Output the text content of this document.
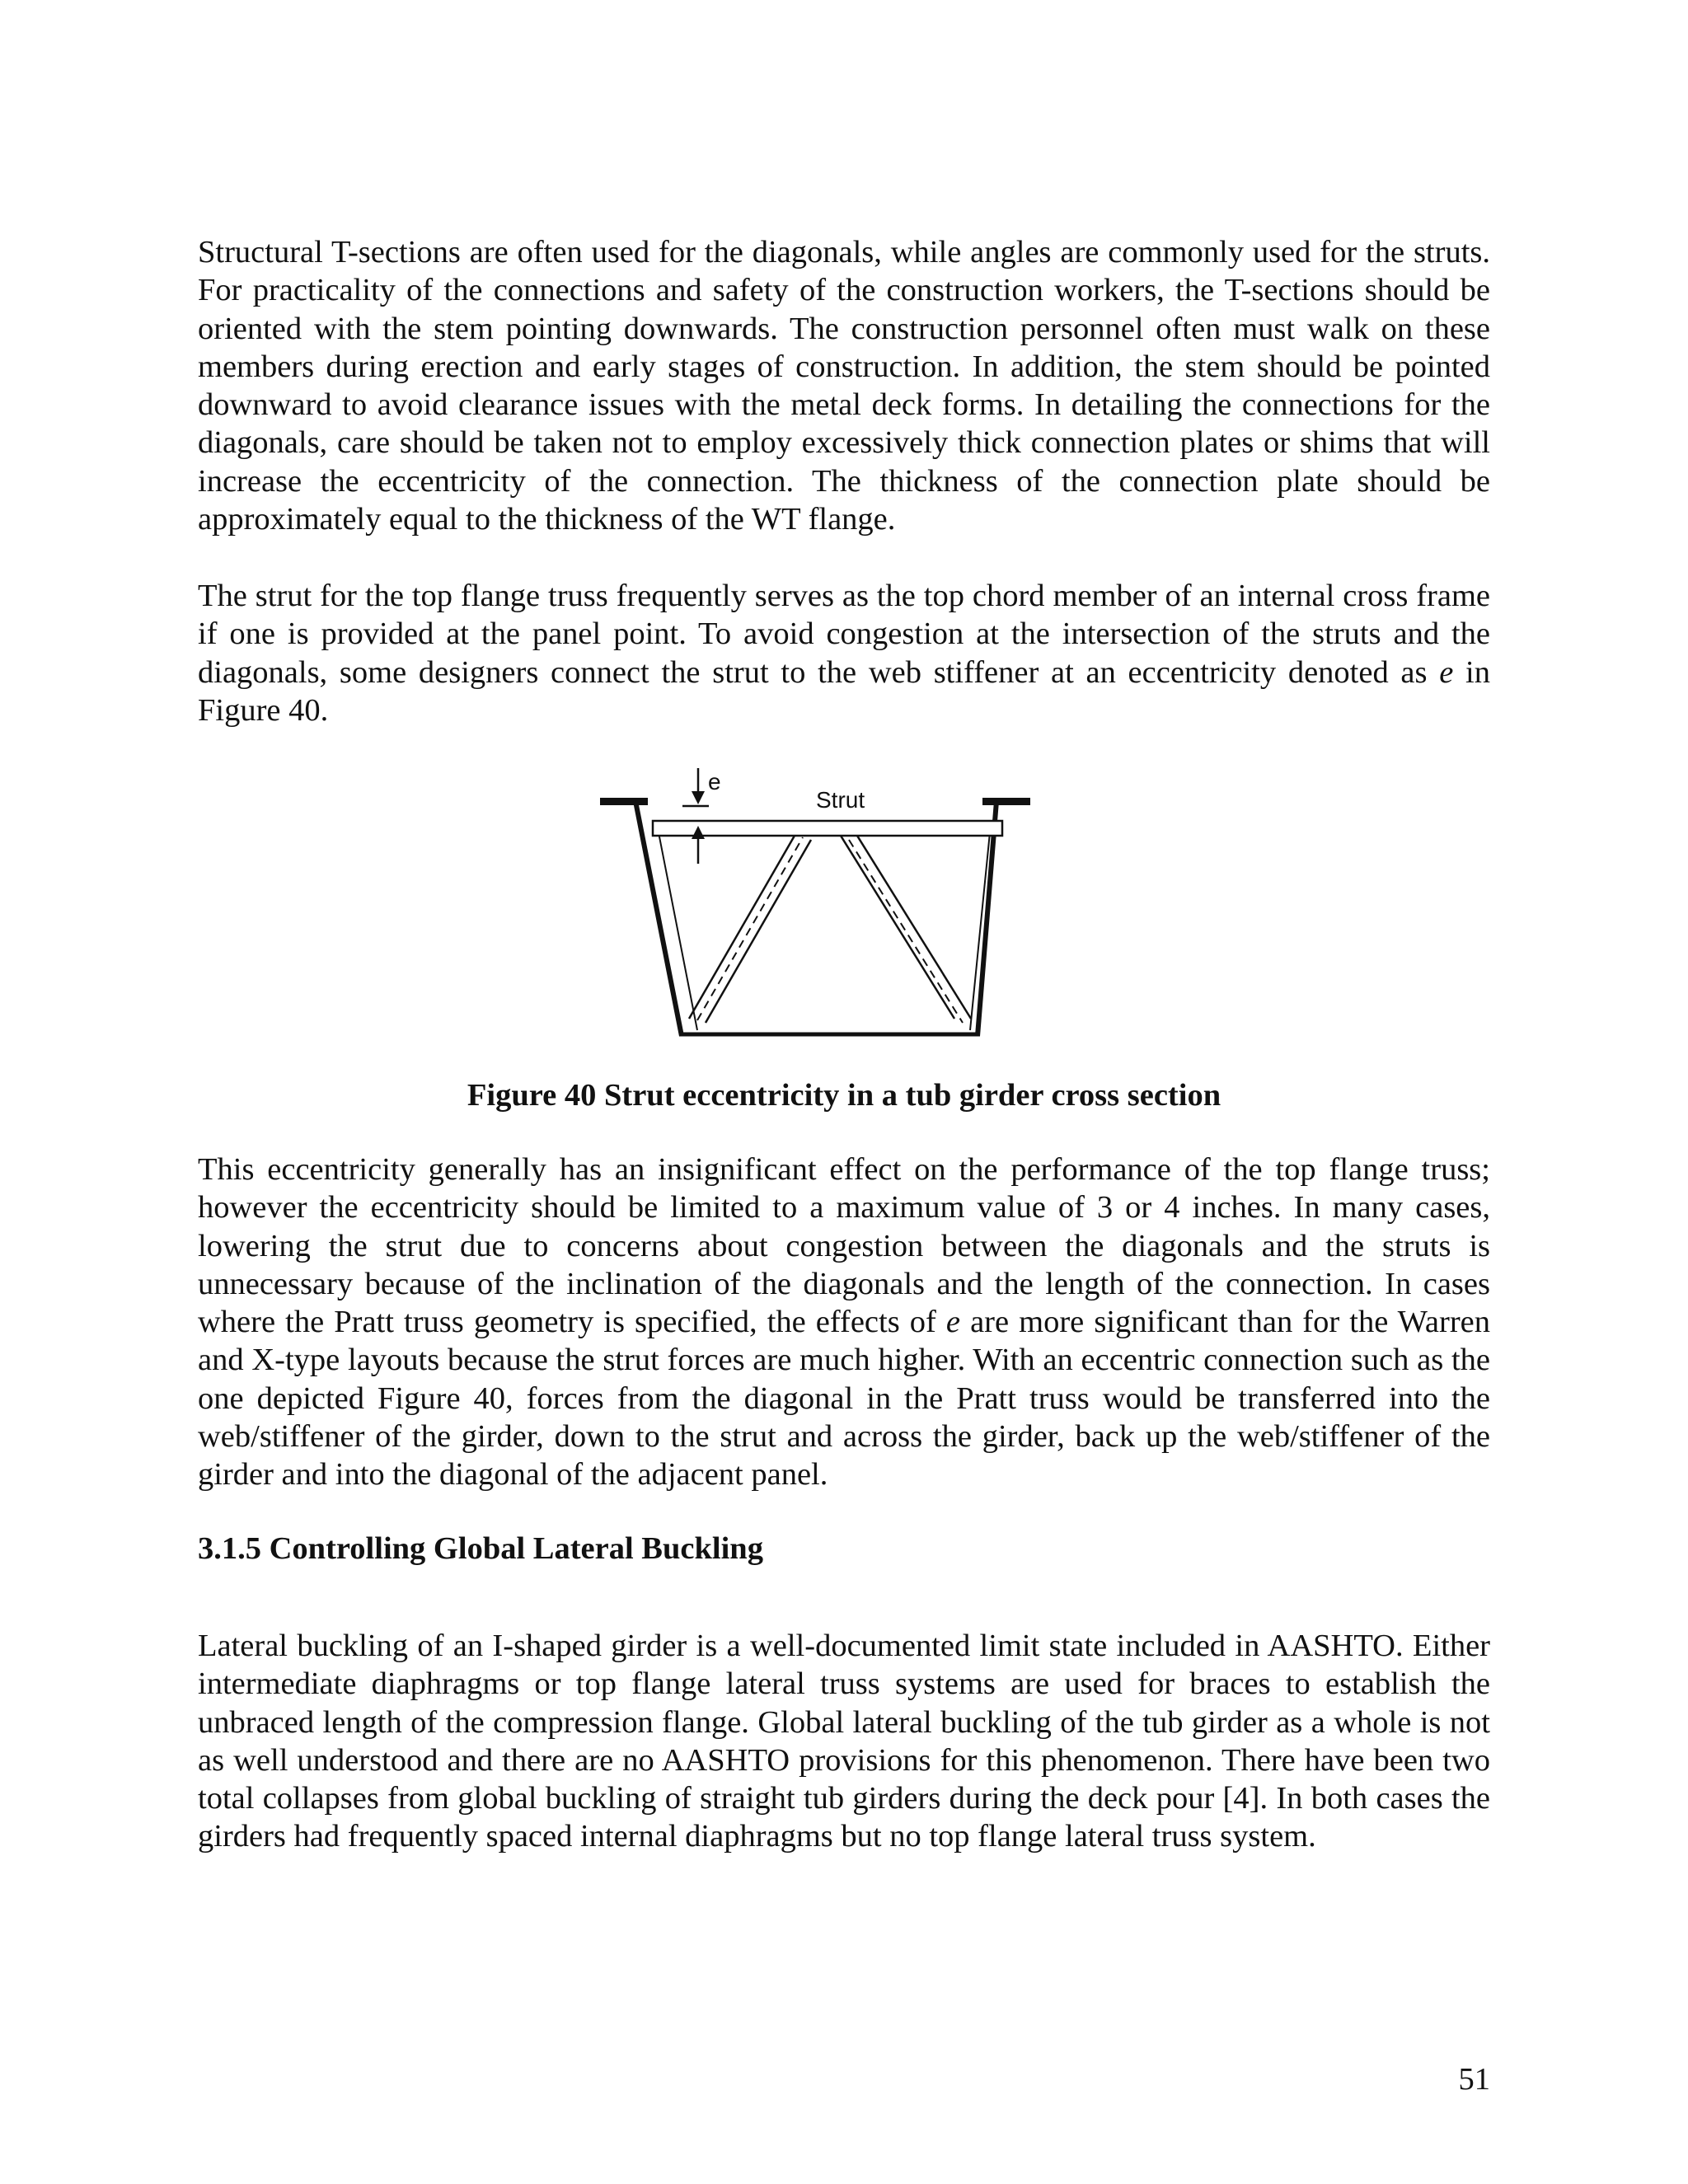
Structural T-sections are often used for the diagonals, while angles are commonly used for the struts. For practicality of the connections and safety of the construction workers, the T-sections should be oriented with the stem pointing downwards. The construction personnel often must walk on these members during erection and early stages of construction. In addition, the stem should be pointed downward to avoid clearance issues with the metal deck forms. In detailing the connections for the diagonals, care should be taken not to employ excessively thick connection plates or shims that will increase the eccentricity of the connection. The thickness of the connection plate should be approximately equal to the thickness of the WT flange.

The strut for the top flange truss frequently serves as the top chord member of an internal cross frame if one is provided at the panel point. To avoid congestion at the intersection of the struts and the diagonals, some designers connect the strut to the web stiffener at an eccentricity denoted as e in Figure 40.

e
Strut

Figure 40 Strut eccentricity in a tub girder cross section

This eccentricity generally has an insignificant effect on the performance of the top flange truss; however the eccentricity should be limited to a maximum value of 3 or 4 inches. In many cases, lowering the strut due to concerns about congestion between the diagonals and the struts is unnecessary because of the inclination of the diagonals and the length of the connection. In cases where the Pratt truss geometry is specified, the effects of e are more significant than for the Warren and X-type layouts because the strut forces are much higher. With an eccentric connection such as the one depicted Figure 40, forces from the diagonal in the Pratt truss would be transferred into the web/stiffener of the girder, down to the strut and across the girder, back up the web/stiffener of the girder and into the diagonal of the adjacent panel.

3.1.5 Controlling Global Lateral Buckling

Lateral buckling of an I-shaped girder is a well-documented limit state included in AASHTO. Either intermediate diaphragms or top flange lateral truss systems are used for braces to establish the unbraced length of the compression flange. Global lateral buckling of the tub girder as a whole is not as well understood and there are no AASHTO provisions for this phenomenon. There have been two total collapses from global buckling of straight tub girders during the deck pour [4]. In both cases the girders had frequently spaced internal diaphragms but no top flange lateral truss system.

51
